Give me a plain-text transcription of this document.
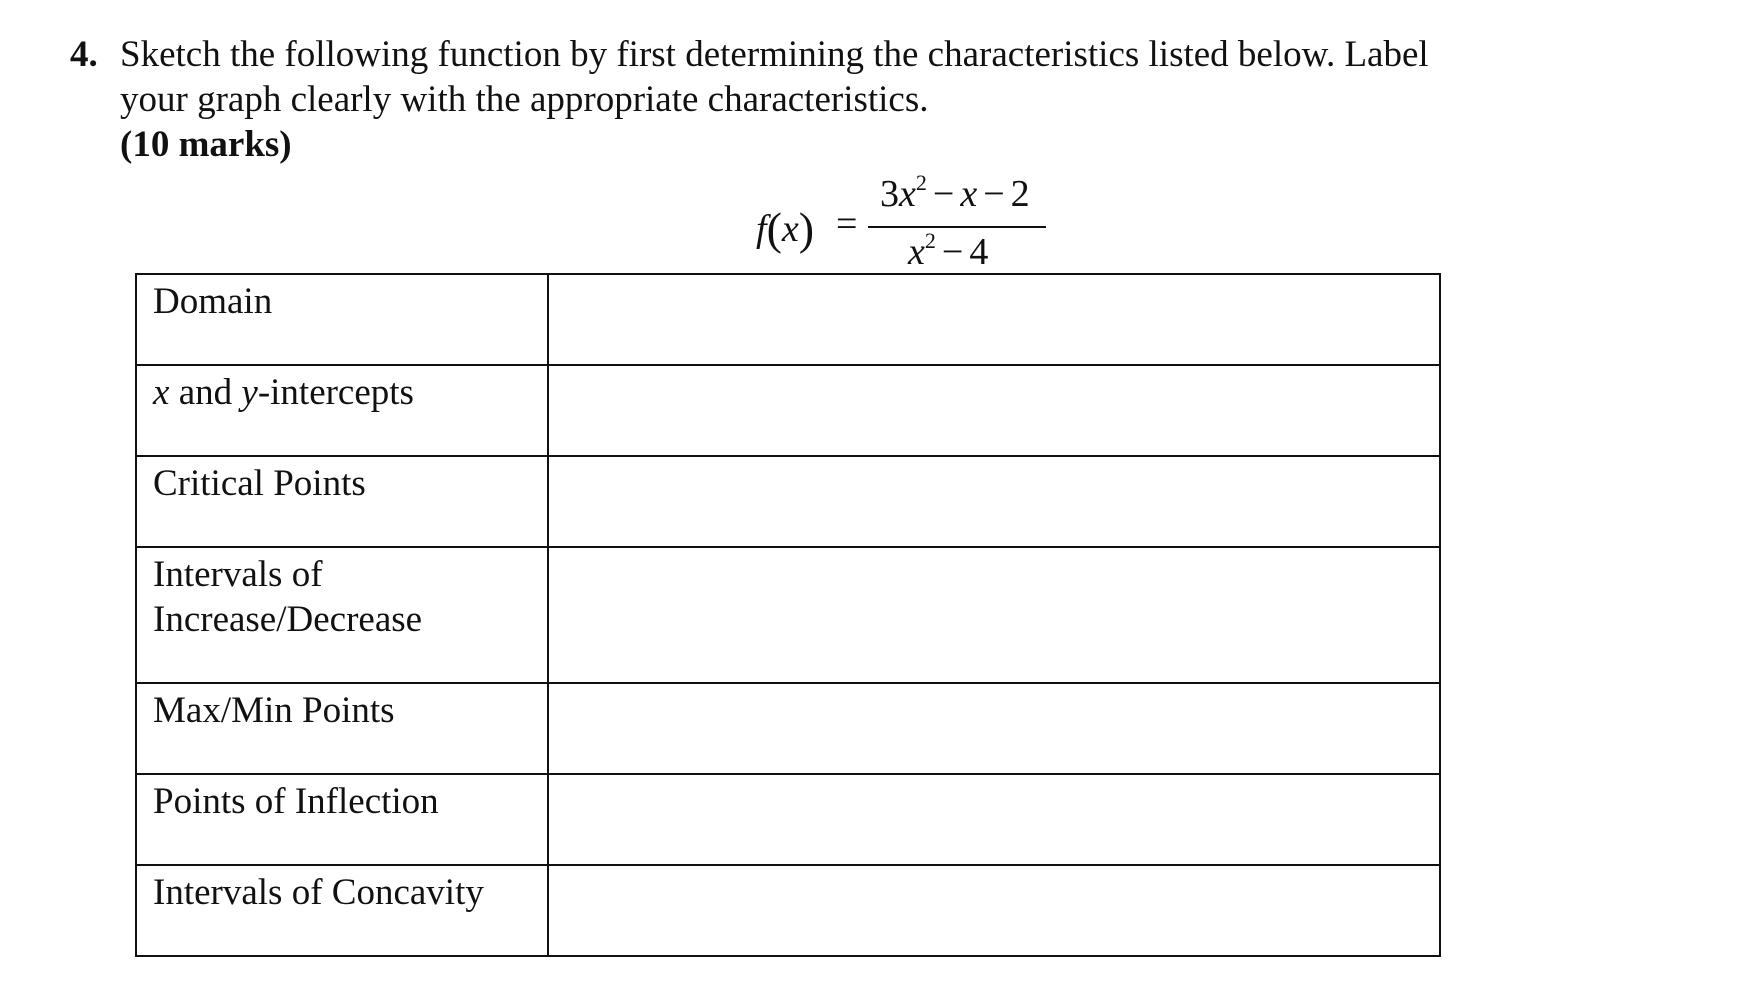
4. Sketch the following function by first determining the characteristics listed below. Label
your graph clearly with the appropriate characteristics.
(10 marks)
f(x) =
$3x^2 - x - 2$
$x^2 - 4$
Domain	
x and y-intercepts	
Critical Points	

Intervals of
Increase/Decrease	

Max/Min Points	
Points of Inflection	
Intervals of Concavity	
